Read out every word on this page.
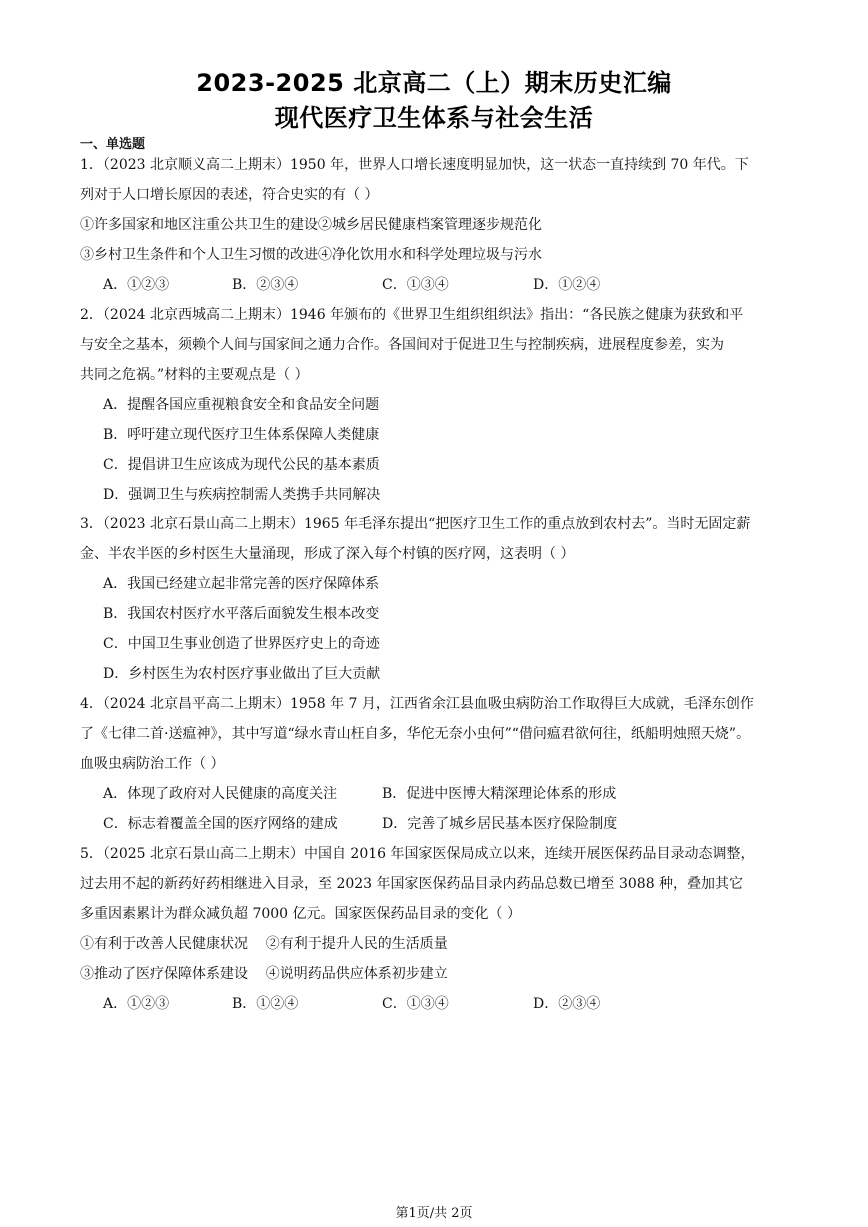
2023-2025 北京高二（上）期末历史汇编
现代医疗卫生体系与社会生活
一、单选题
1．（2023 北京顺义高二上期末）1950 年，世界人口增长速度明显加快，这一状态一直持续到 70 年代。下
列对于人口增长原因的表述，符合史实的有（ ）
①许多国家和地区注重公共卫生的建设②城乡居民健康档案管理逐步规范化
③乡村卫生条件和个人卫生习惯的改进④净化饮用水和科学处理垃圾与污水
A．①②③	B．②③④	C．①③④	D．①②④
2．（2024 北京西城高二上期末）1946 年颁布的《世界卫生组织组织法》指出：“各民族之健康为获致和平
与安全之基本，须赖个人间与国家间之通力合作。各国间对于促进卫生与控制疾病，进展程度参差，实为
共同之危祸。”材料的主要观点是（ ）
A．提醒各国应重视粮食安全和食品安全问题
B．呼吁建立现代医疗卫生体系保障人类健康
C．提倡讲卫生应该成为现代公民的基本素质
D．强调卫生与疾病控制需人类携手共同解决
3．（2023 北京石景山高二上期末）1965 年毛泽东提出“把医疗卫生工作的重点放到农村去”。当时无固定薪
金、半农半医的乡村医生大量涌现，形成了深入每个村镇的医疗网，这表明（ ）
A．我国已经建立起非常完善的医疗保障体系
B．我国农村医疗水平落后面貌发生根本改变
C．中国卫生事业创造了世界医疗史上的奇迹
D．乡村医生为农村医疗事业做出了巨大贡献
4．（2024 北京昌平高二上期末）1958 年 7 月，江西省余江县血吸虫病防治工作取得巨大成就，毛泽东创作
了《七律二首·送瘟神》，其中写道“绿水青山枉自多，华佗无奈小虫何”“借问瘟君欲何往，纸船明烛照天烧”。
血吸虫病防治工作（ ）
A．体现了政府对人民健康的高度关注	B．促进中医博大精深理论体系的形成
C．标志着覆盖全国的医疗网络的建成	D．完善了城乡居民基本医疗保险制度
5．（2025 北京石景山高二上期末）中国自 2016 年国家医保局成立以来，连续开展医保药品目录动态调整，
过去用不起的新药好药相继进入目录，至 2023 年国家医保药品目录内药品总数已增至 3088 种，叠加其它
多重因素累计为群众减负超 7000 亿元。国家医保药品目录的变化（ ）
①有利于改善人民健康状况    ②有利于提升人民的生活质量
③推动了医疗保障体系建设    ④说明药品供应体系初步建立
A．①②③	B．①②④	C．①③④	D．②③④
第1页/共 2页
